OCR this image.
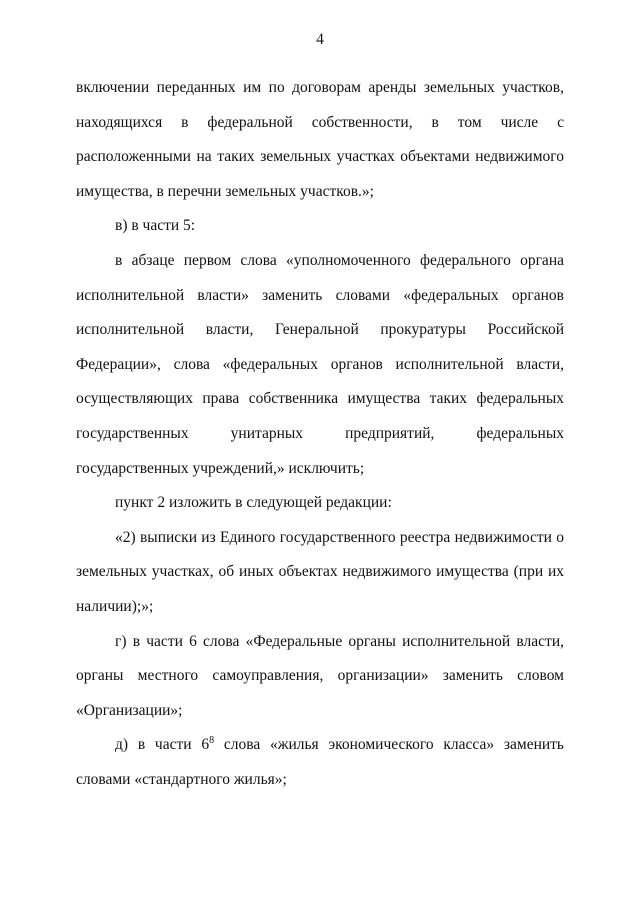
4

включении переданных им по договорам аренды земельных участков, находящихся в федеральной собственности, в том числе с расположенными на таких земельных участках объектами недвижимого имущества, в перечни земельных участков.»;

в) в части 5:

в абзаце первом слова «уполномоченного федерального органа исполнительной власти» заменить словами «федеральных органов исполнительной власти, Генеральной прокуратуры Российской Федерации», слова «федеральных органов исполнительной власти, осуществляющих права собственника имущества таких федеральных государственных унитарных предприятий, федеральных государственных учреждений,» исключить;

пункт 2 изложить в следующей редакции:

«2) выписки из Единого государственного реестра недвижимости о земельных участках, об иных объектах недвижимого имущества (при их наличии);»;

г) в части 6 слова «Федеральные органы исполнительной власти, органы местного самоуправления, организации» заменить словом «Организации»;

д) в части $6^8$ слова «жилья экономического класса» заменить словами «стандартного жилья»;
